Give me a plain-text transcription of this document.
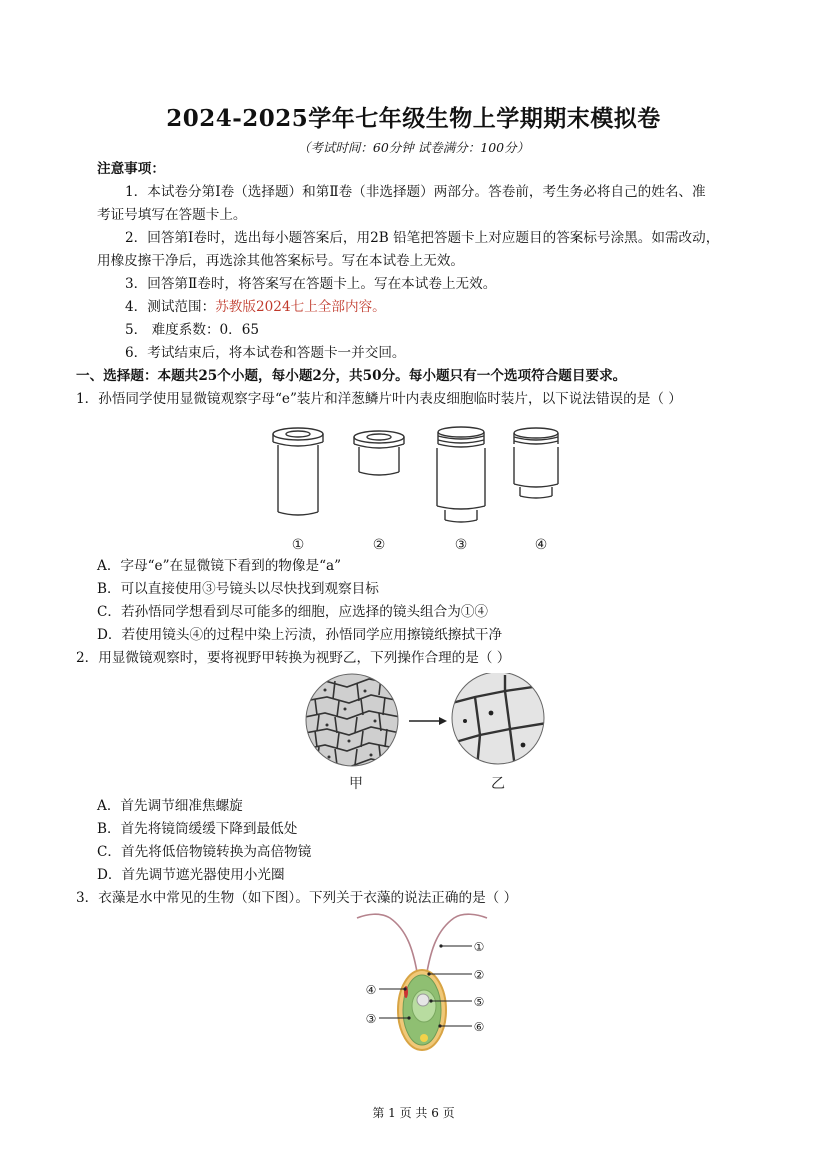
2024-2025学年七年级生物上学期期末模拟卷
（考试时间：60分钟 试卷满分：100分）
注意事项：
1．本试卷分第Ⅰ卷（选择题）和第Ⅱ卷（非选择题）两部分。答卷前，考生务必将自己的姓名、准
考证号填写在答题卡上。
2．回答第Ⅰ卷时，选出每小题答案后，用2B 铅笔把答题卡上对应题目的答案标号涂黑。如需改动，
用橡皮擦干净后，再选涂其他答案标号。写在本试卷上无效。
3．回答第Ⅱ卷时，将答案写在答题卡上。写在本试卷上无效。
4．测试范围：苏教版2024七上全部内容。
5． 难度系数：0．65
6．考试结束后，将本试卷和答题卡一并交回。
一、选择题：本题共25个小题，每小题2分，共50分。每小题只有一个选项符合题目要求。
1．孙悟同学使用显微镜观察字母“e”装片和洋葱鳞片叶内表皮细胞临时装片，以下说法错误的是（ ）
①	②	③	④
A．字母“e”在显微镜下看到的物像是“a”
B．可以直接使用③号镜头以尽快找到观察目标
C．若孙悟同学想看到尽可能多的细胞，应选择的镜头组合为①④
D．若使用镜头④的过程中染上污渍，孙悟同学应用擦镜纸擦拭干净
2．用显微镜观察时，要将视野甲转换为视野乙，下列操作合理的是（ ）
甲	乙
A．首先调节细准焦螺旋
B．首先将镜筒缓缓下降到最低处
C．首先将低倍物镜转换为高倍物镜
D．首先调节遮光器使用小光圈
3．衣藻是水中常见的生物（如下图）。下列关于衣藻的说法正确的是（ ）
①
②
③
④
⑤
⑥
第 1 页 共 6 页
